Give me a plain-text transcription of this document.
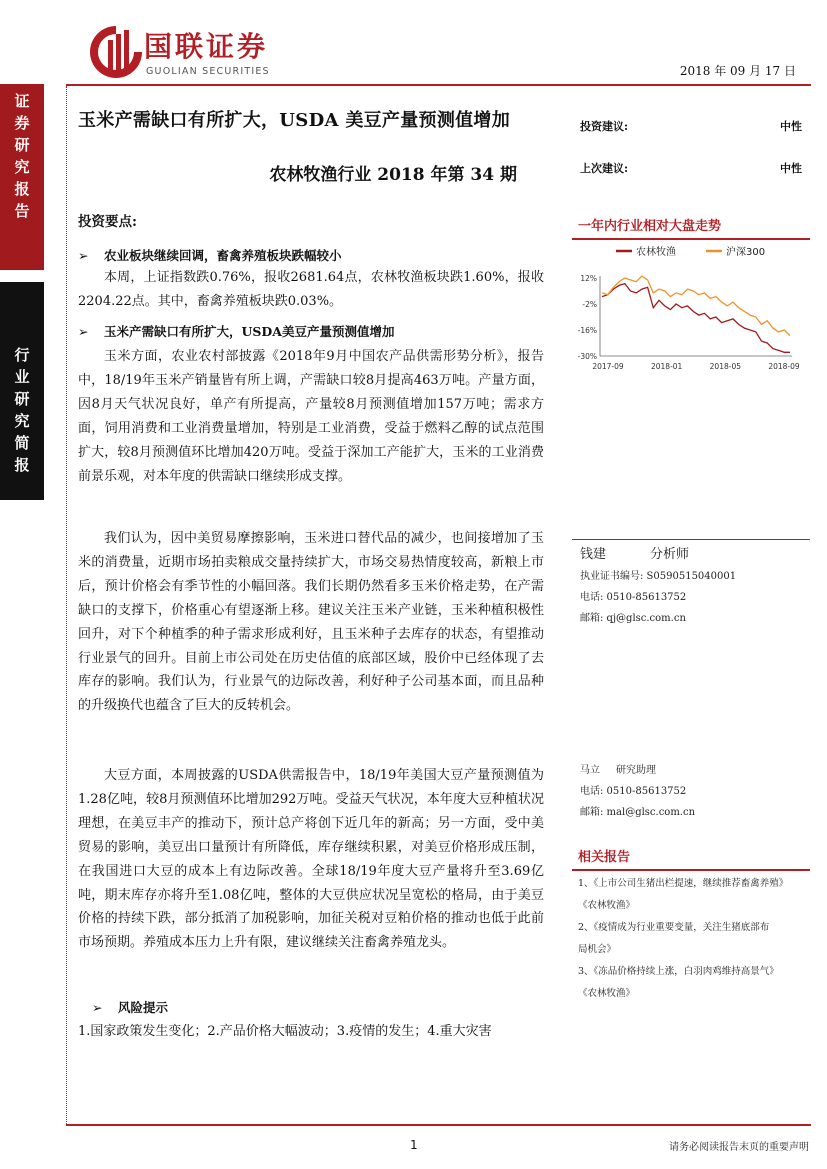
证
券
研
究
报
告
行
业
研
究
简
报
国联证券
GUOLIAN SECURITIES	2018 年 09 月 17 日
玉米产需缺口有所扩大，USDA 美豆产量预测值增加
农林牧渔行业 2018 年第 34 期
投资建议:	中性
上次建议:	中性
一年内行业相对大盘走势
农林牧渔	沪深300
12%
-2%
-16%
-30%
2017-09	2018-01	2018-05	2018-09
钱建	分析师
执业证书编号: S0590515040001
电话: 0510-85613752
邮箱: qj@glsc.com.cn
马立 研究助理
电话: 0510-85613752
邮箱: mal@glsc.com.cn
相关报告
1、《上市公司生猪出栏提速，继续推荐畜禽养殖》
《农林牧渔》
2、《疫情成为行业重要变量，关注生猪底部布
局机会》
3、《冻品价格持续上涨，白羽肉鸡维持高景气》
《农林牧渔》
投资要点:
➢ 农业板块继续回调，畜禽养殖板块跌幅较小
本周，上证指数跌0.76%，报收2681.64点，农林牧渔板块跌1.60%，报收2204.22点。其中，畜禽养殖板块跌0.03%。
➢ 玉米产需缺口有所扩大，USDA美豆产量预测值增加
玉米方面，农业农村部披露《2018年9月中国农产品供需形势分析》，报告中，18/19年玉米产销量皆有所上调，产需缺口较8月提高463万吨。产量方面，因8月天气状况良好，单产有所提高，产量较8月预测值增加157万吨；需求方面，饲用消费和工业消费量增加，特别是工业消费，受益于燃料乙醇的试点范围扩大，较8月预测值环比增加420万吨。受益于深加工产能扩大，玉米的工业消费前景乐观，对本年度的供需缺口继续形成支撑。
我们认为，因中美贸易摩擦影响，玉米进口替代品的减少，也间接增加了玉米的消费量，近期市场拍卖粮成交量持续扩大，市场交易热情度较高，新粮上市后，预计价格会有季节性的小幅回落。我们长期仍然看多玉米价格走势，在产需缺口的支撑下，价格重心有望逐渐上移。建议关注玉米产业链，玉米种植积极性回升，对下个种植季的种子需求形成利好，且玉米种子去库存的状态，有望推动行业景气的回升。目前上市公司处在历史估值的底部区域，股价中已经体现了去库存的影响。我们认为，行业景气的边际改善，利好种子公司基本面，而且品种的升级换代也蕴含了巨大的反转机会。
大豆方面，本周披露的USDA供需报告中，18/19年美国大豆产量预测值为1.28亿吨，较8月预测值环比增加292万吨。受益天气状况，本年度大豆种植状况理想，在美豆丰产的推动下，预计总产将创下近几年的新高；另一方面，受中美贸易的影响，美豆出口量预计有所降低，库存继续积累，对美豆价格形成压制，在我国进口大豆的成本上有边际改善。全球18/19年度大豆产量将升至3.69亿吨，期末库存亦将升至1.08亿吨，整体的大豆供应状况呈宽松的格局，由于美豆价格的持续下跌，部分抵消了加税影响，加征关税对豆粕价格的推动也低于此前市场预期。养殖成本压力上升有限，建议继续关注畜禽养殖龙头。
➢ 风险提示
1.国家政策发生变化；2.产品价格大幅波动；3.疫情的发生；4.重大灾害
1	请务必阅读报告末页的重要声明
